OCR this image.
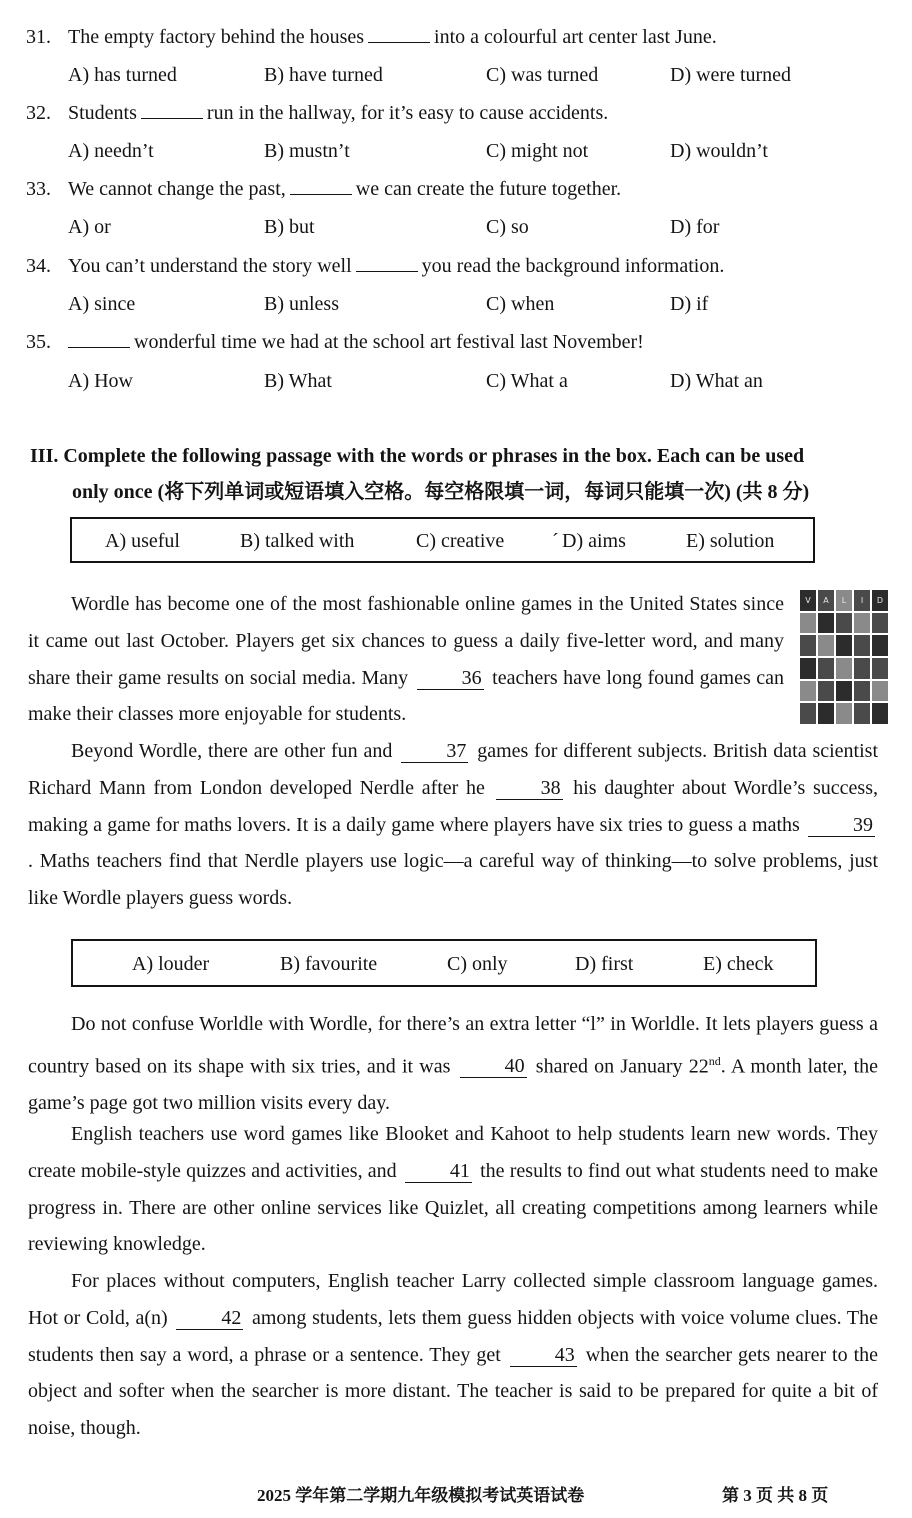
31. The empty factory behind the houses	into a colourful art center last June.
A) has turned	B) have turned	C) was turned	D) were turned
32. Students	run in the hallway, for it’s easy to cause accidents.
A) needn’t	B) mustn’t	C) might not	D) wouldn’t
33. We cannot change the past,	we can create the future together.
A) or	B) but	C) so	D) for
34. You can’t understand the story well	you read the background information.
A) since	B) unless	C) when	D) if
35.	wonderful time we had at the school art festival last November!
A) How	B) What	C) What a	D) What an
III. Complete the following passage with the words or phrases in the box. Each can be used
only once (将下列单词或短语填入空格。每空格限填一词，每词只能填一次) (共 8 分)
A) useful	B) talked with	C) creative ˊ D) aims	E) solution
V	A	L	I	D

Wordle has become one of the most fashionable online games in the United States since it came out last October. Players get six chances to guess a daily five-letter word, and many share their game results on social media. Many	36 teachers have long found games can make their classes more enjoyable for students.

Beyond Wordle, there are other fun and	37 games for different subjects. British data scientist Richard Mann from London developed Nerdle after he	38 his daughter about Wordle’s success, making a game for maths lovers. It is a daily game where players have six tries to guess a maths	39. Maths teachers find that Nerdle players use logic—a careful way of thinking—to solve problems, just like Wordle players guess words.

A) louder	B) favourite	C) only	D) first	E) check

Do not confuse Worldle with Wordle, for there’s an extra letter “l” in Worldle. It lets players guess a country based on its shape with six tries, and it was	40 shared on January 22nd. A month later, the game’s page got two million visits every day.

English teachers use word games like Blooket and Kahoot to help students learn new words. They create mobile-style quizzes and activities, and	41 the results to find out what students need to make progress in. There are other online services like Quizlet, all creating competitions among learners while reviewing knowledge.

For places without computers, English teacher Larry collected simple classroom language games. Hot or Cold, a(n)	42 among students, lets them guess hidden objects with voice volume clues. The students then say a word, a phrase or a sentence. They get	43 when the searcher gets nearer to the object and softer when the searcher is more distant. The teacher is said to be prepared for quite a bit of noise, though.

2025 学年第二学期九年级模拟考试英语试卷	第 3 页 共 8 页
